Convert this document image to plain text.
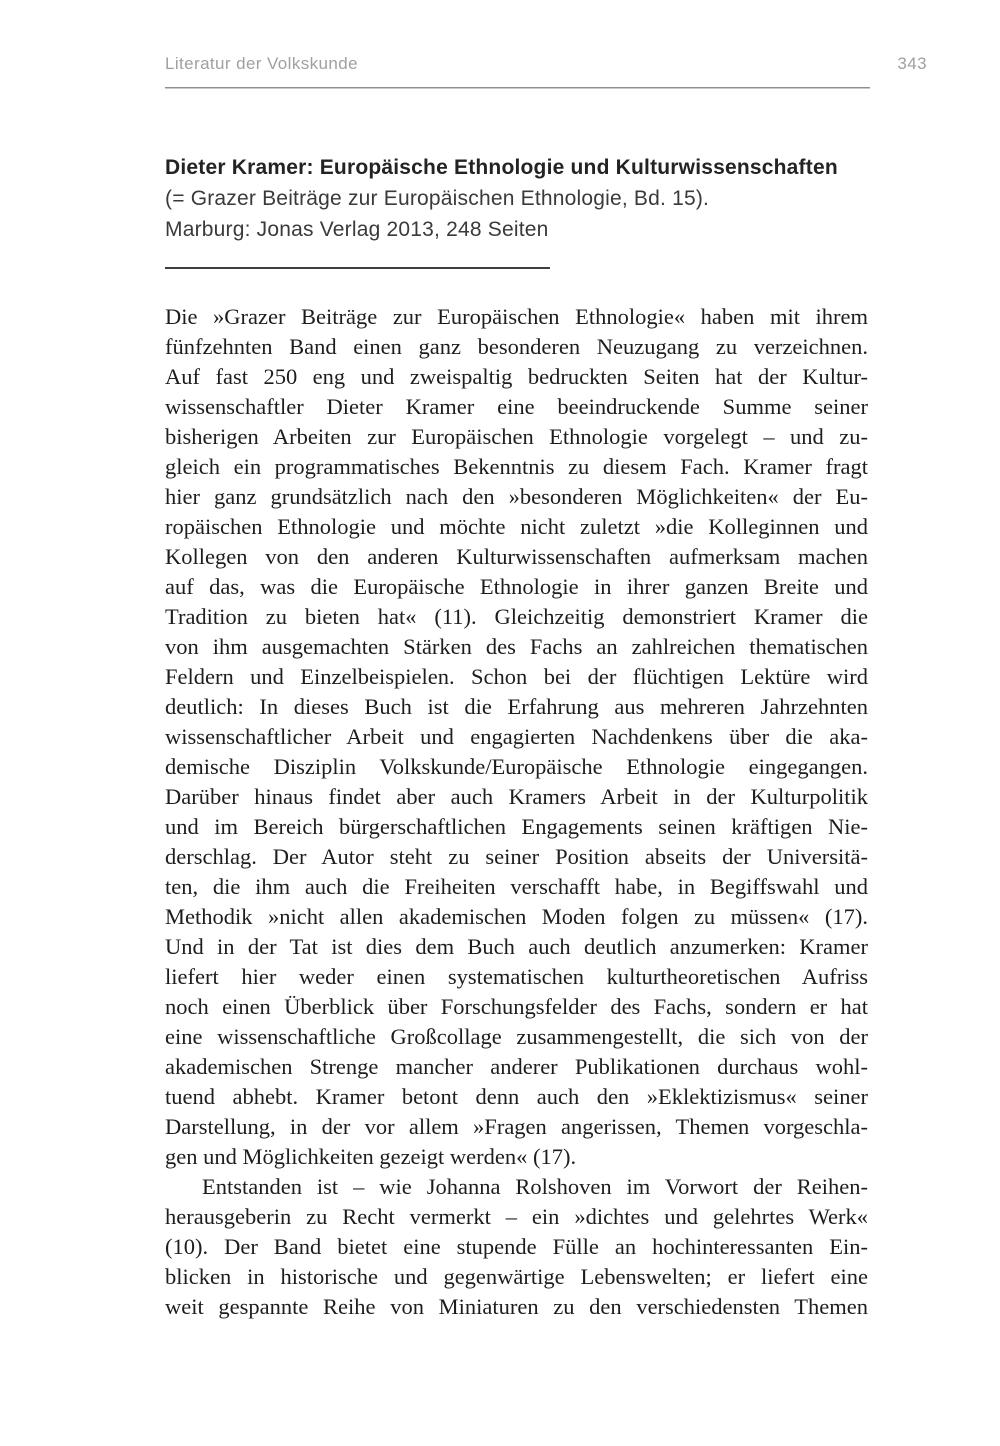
Literatur der Volkskunde	343
Dieter Kramer: Europäische Ethnologie und Kulturwissenschaften
(= Grazer Beiträge zur Europäischen Ethnologie, Bd. 15).
Marburg: Jonas Verlag 2013, 248 Seiten
Die »Grazer Beiträge zur Europäischen Ethnologie« haben mit ihrem
fünfzehnten Band einen ganz besonderen Neuzugang zu verzeichnen.
Auf fast 250 eng und zweispaltig bedruckten Seiten hat der Kultur-
wissenschaftler Dieter Kramer eine beeindruckende Summe seiner
bisherigen Arbeiten zur Europäischen Ethnologie vorgelegt – und zu-
gleich ein programmatisches Bekenntnis zu diesem Fach. Kramer fragt
hier ganz grundsätzlich nach den »besonderen Möglichkeiten« der Eu-
ropäischen Ethnologie und möchte nicht zuletzt »die Kolleginnen und
Kollegen von den anderen Kulturwissenschaften aufmerksam machen
auf das, was die Europäische Ethnologie in ihrer ganzen Breite und
Tradition zu bieten hat« (11). Gleichzeitig demonstriert Kramer die
von ihm ausgemachten Stärken des Fachs an zahlreichen thematischen
Feldern und Einzelbeispielen. Schon bei der flüchtigen Lektüre wird
deutlich: In dieses Buch ist die Erfahrung aus mehreren Jahrzehnten
wissenschaftlicher Arbeit und engagierten Nachdenkens über die aka-
demische Disziplin Volkskunde/Europäische Ethnologie eingegangen.
Darüber hinaus findet aber auch Kramers Arbeit in der Kulturpolitik
und im Bereich bürgerschaftlichen Engagements seinen kräftigen Nie-
derschlag. Der Autor steht zu seiner Position abseits der Universitä-
ten, die ihm auch die Freiheiten verschafft habe, in Begiffswahl und
Methodik »nicht allen akademischen Moden folgen zu müssen« (17).
Und in der Tat ist dies dem Buch auch deutlich anzumerken: Kramer
liefert hier weder einen systematischen kulturtheoretischen Aufriss
noch einen Überblick über Forschungsfelder des Fachs, sondern er hat
eine wissenschaftliche Großcollage zusammengestellt, die sich von der
akademischen Strenge mancher anderer Publikationen durchaus wohl-
tuend abhebt. Kramer betont denn auch den »Eklektizismus« seiner
Darstellung, in der vor allem »Fragen angerissen, Themen vorgeschla-
gen und Möglichkeiten gezeigt werden« (17).
Entstanden ist – wie Johanna Rolshoven im Vorwort der Reihen-
herausgeberin zu Recht vermerkt – ein »dichtes und gelehrtes Werk«
(10). Der Band bietet eine stupende Fülle an hochinteressanten Ein-
blicken in historische und gegenwärtige Lebenswelten; er liefert eine
weit gespannte Reihe von Miniaturen zu den verschiedensten Themen
